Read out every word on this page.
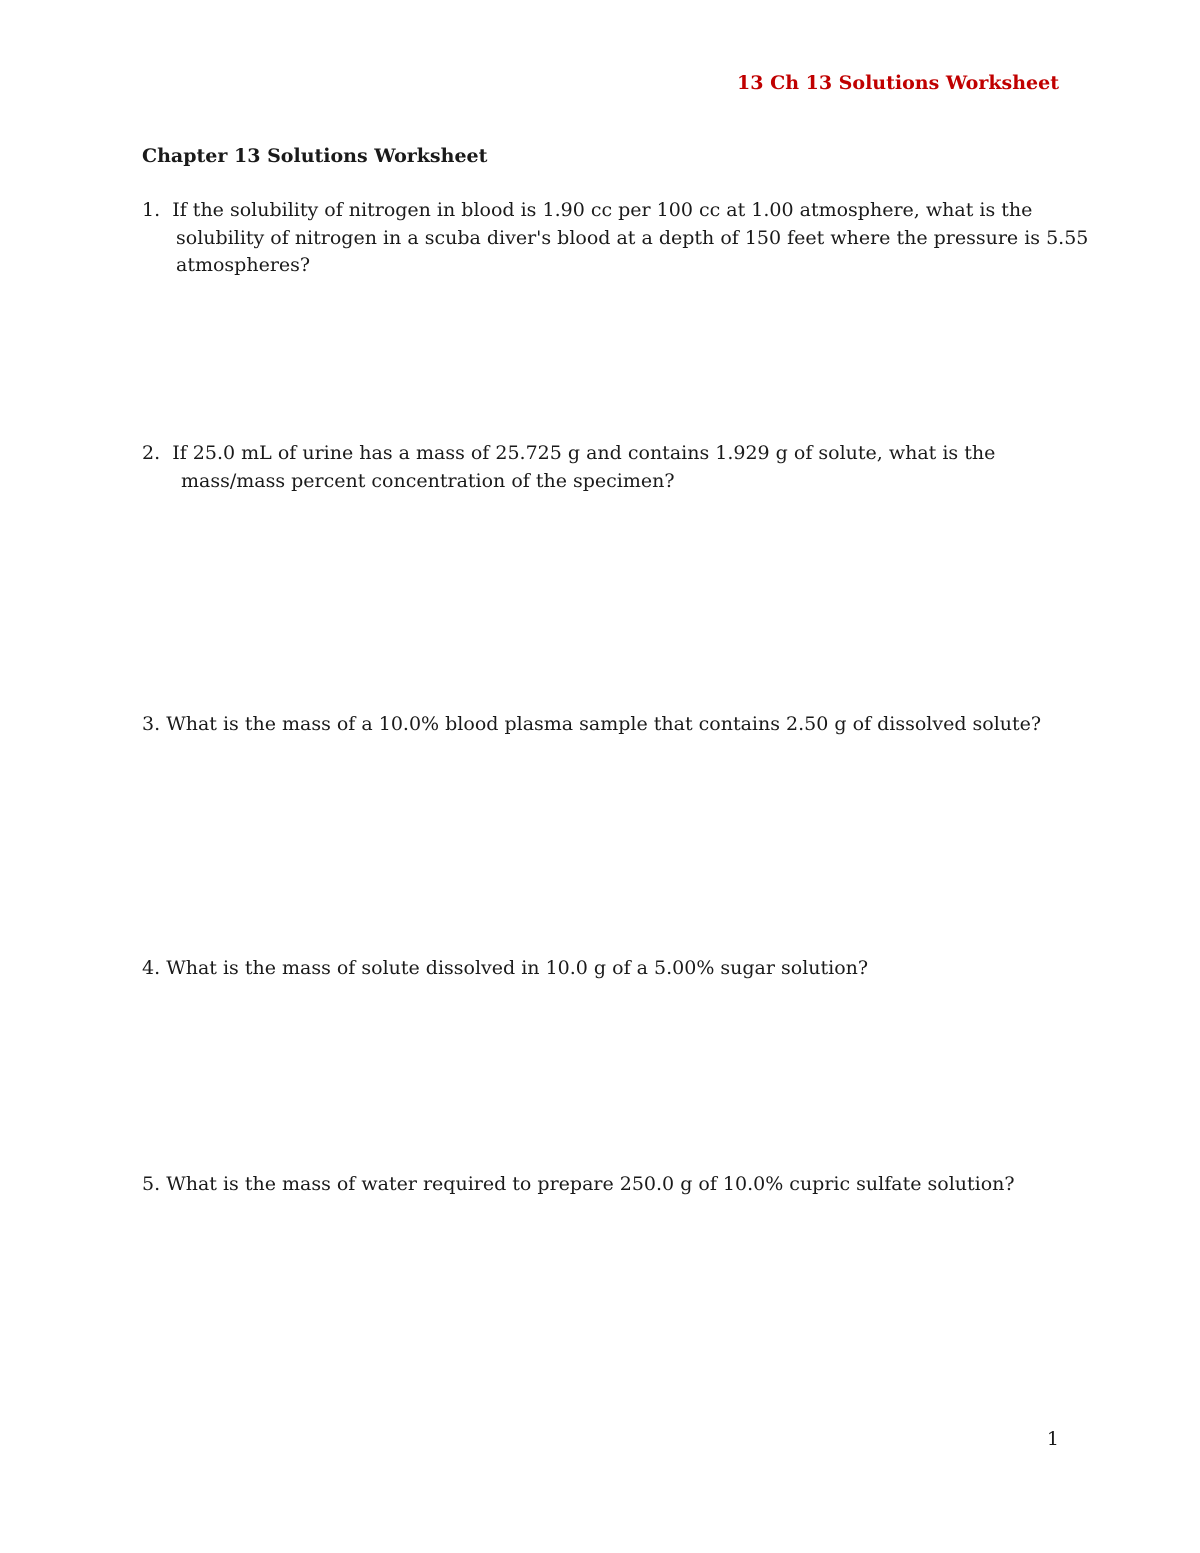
13 Ch 13 Solutions Worksheet
Chapter 13 Solutions Worksheet
1. If the solubility of nitrogen in blood is 1.90 cc per 100 cc at 1.00 atmosphere, what is the
solubility of nitrogen in a scuba diver's blood at a depth of 150 feet where the pressure is 5.55
atmospheres?
2. If 25.0 mL of urine has a mass of 25.725 g and contains 1.929 g of solute, what is the
mass/mass percent concentration of the specimen?
3. What is the mass of a 10.0% blood plasma sample that contains 2.50 g of dissolved solute?
4. What is the mass of solute dissolved in 10.0 g of a 5.00% sugar solution?
5. What is the mass of water required to prepare 250.0 g of 10.0% cupric sulfate solution?
1
